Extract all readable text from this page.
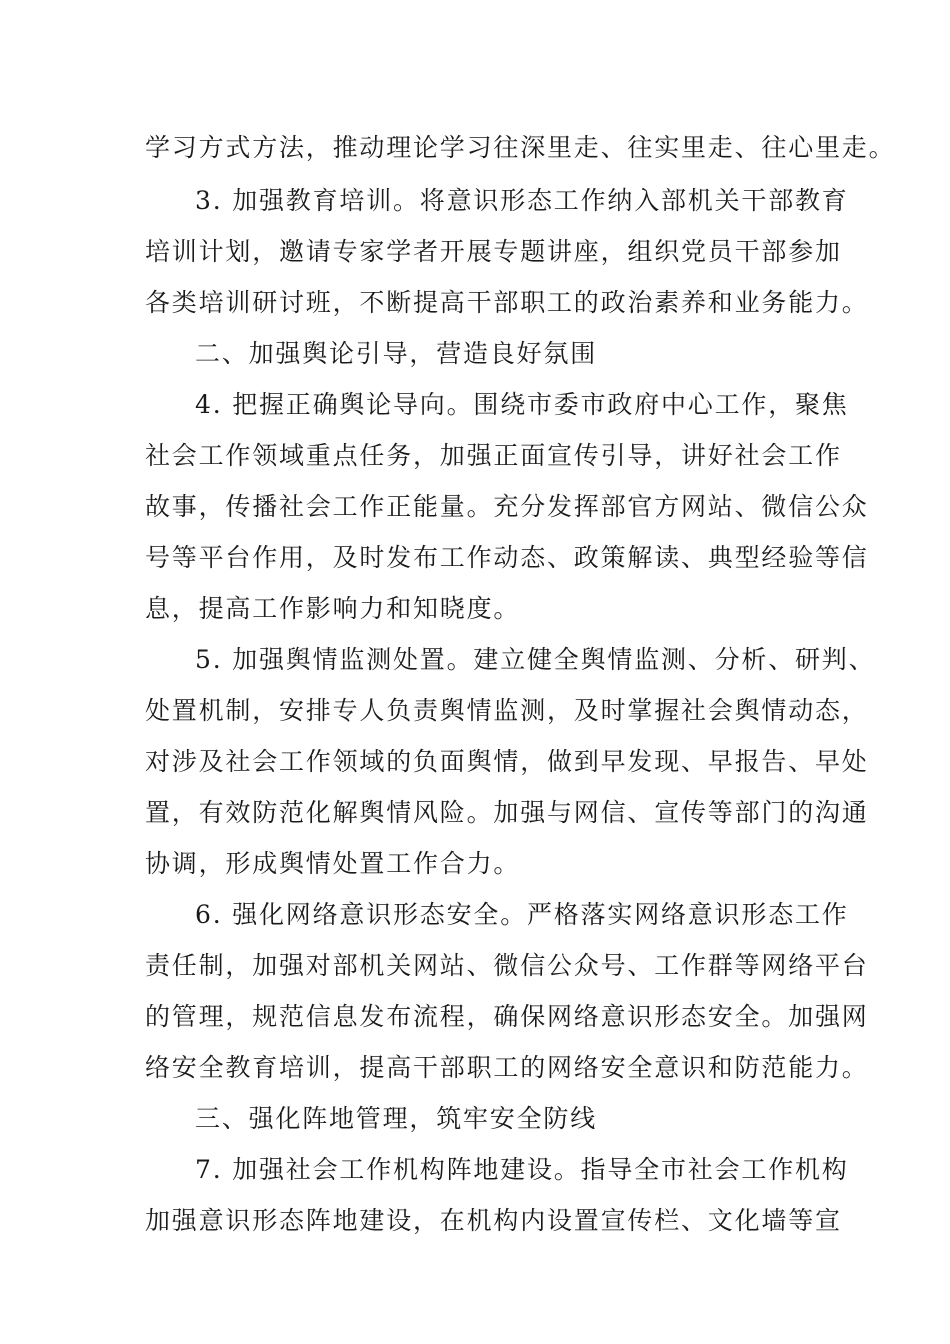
学习方式方法，推动理论学习往深里走、往实里走、往心里走。
3. 加强教育培训。将意识形态工作纳入部机关干部教育
培训计划，邀请专家学者开展专题讲座，组织党员干部参加
各类培训研讨班，不断提高干部职工的政治素养和业务能力。
二、加强舆论引导，营造良好氛围
4. 把握正确舆论导向。围绕市委市政府中心工作，聚焦
社会工作领域重点任务，加强正面宣传引导，讲好社会工作
故事，传播社会工作正能量。充分发挥部官方网站、微信公众
号等平台作用，及时发布工作动态、政策解读、典型经验等信
息，提高工作影响力和知晓度。
5. 加强舆情监测处置。建立健全舆情监测、分析、研判、
处置机制，安排专人负责舆情监测，及时掌握社会舆情动态，
对涉及社会工作领域的负面舆情，做到早发现、早报告、早处
置，有效防范化解舆情风险。加强与网信、宣传等部门的沟通
协调，形成舆情处置工作合力。
6. 强化网络意识形态安全。严格落实网络意识形态工作
责任制，加强对部机关网站、微信公众号、工作群等网络平台
的管理，规范信息发布流程，确保网络意识形态安全。加强网
络安全教育培训，提高干部职工的网络安全意识和防范能力。
三、强化阵地管理，筑牢安全防线
7. 加强社会工作机构阵地建设。指导全市社会工作机构
加强意识形态阵地建设，在机构内设置宣传栏、文化墙等宣
